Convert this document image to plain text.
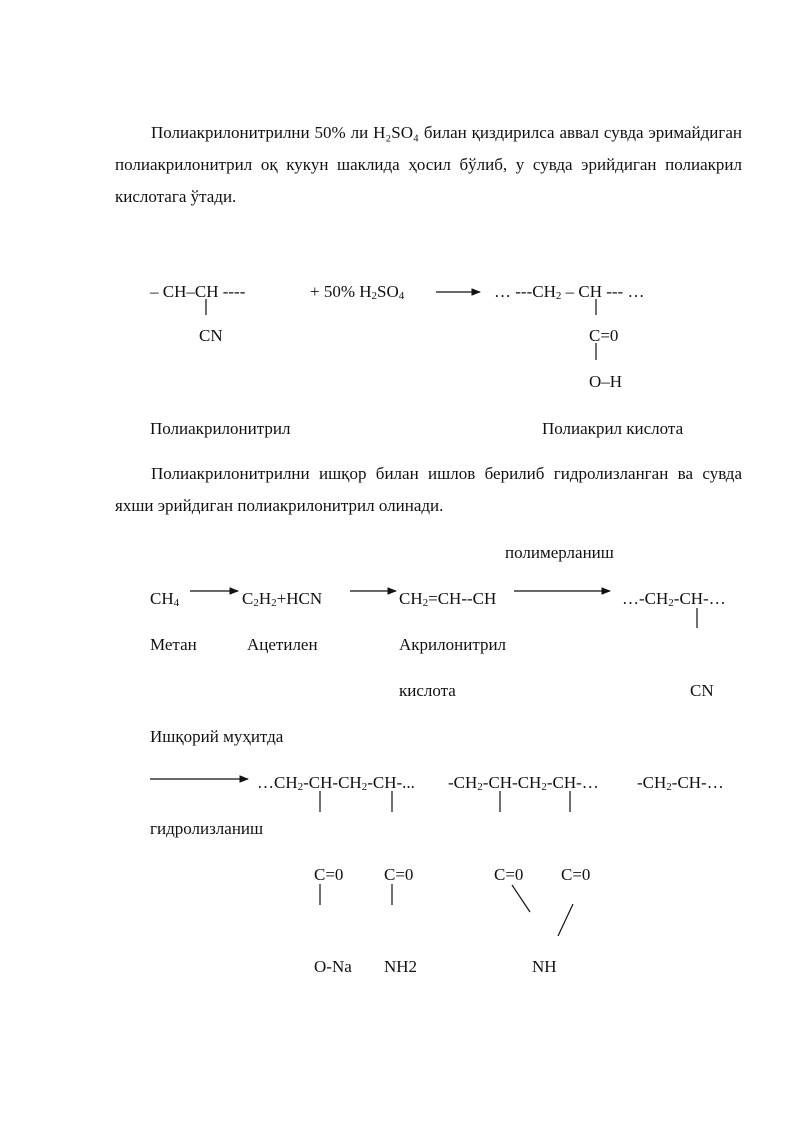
Полиакрилонитрилни 50% ли H₂SO₄ билан қиздирилса аввал сувда эримайдиган полиакрилонитрил оқ кукун шаклида ҳосил бўлиб, у сувда эрийдиган полиакрил кислотага ўтади.
– CH–CH ----
CN
+ 50% $H_2SO_4$	… $---CH_2$ – CH --- …
C=0
O–H
Полиакрилонитрил	Полиакрил кислота
Полиакрилонитрилни ишқор билан ишлов берилиб гидролизланган ва сувда яхши эрийдиган полиакрилонитрил олинади.
полимерланиш
$CH_4$	$C_2H_2+HCN$	$CH_2=CH--CH$	$\dots-CH_2-CH-\dots$
Метан	Ацетилен	Акрилонитрил
кислота	CN
Ишқорий муҳитда
$\dots CH_2-CH-CH_2-CH-$... $-CH_2-CH-CH_2-CH-\dots$ $-CH_2-CH-\dots$
гидролизланиш
C=0 C=0	C=0 C=0
O-Na NH2	NH
